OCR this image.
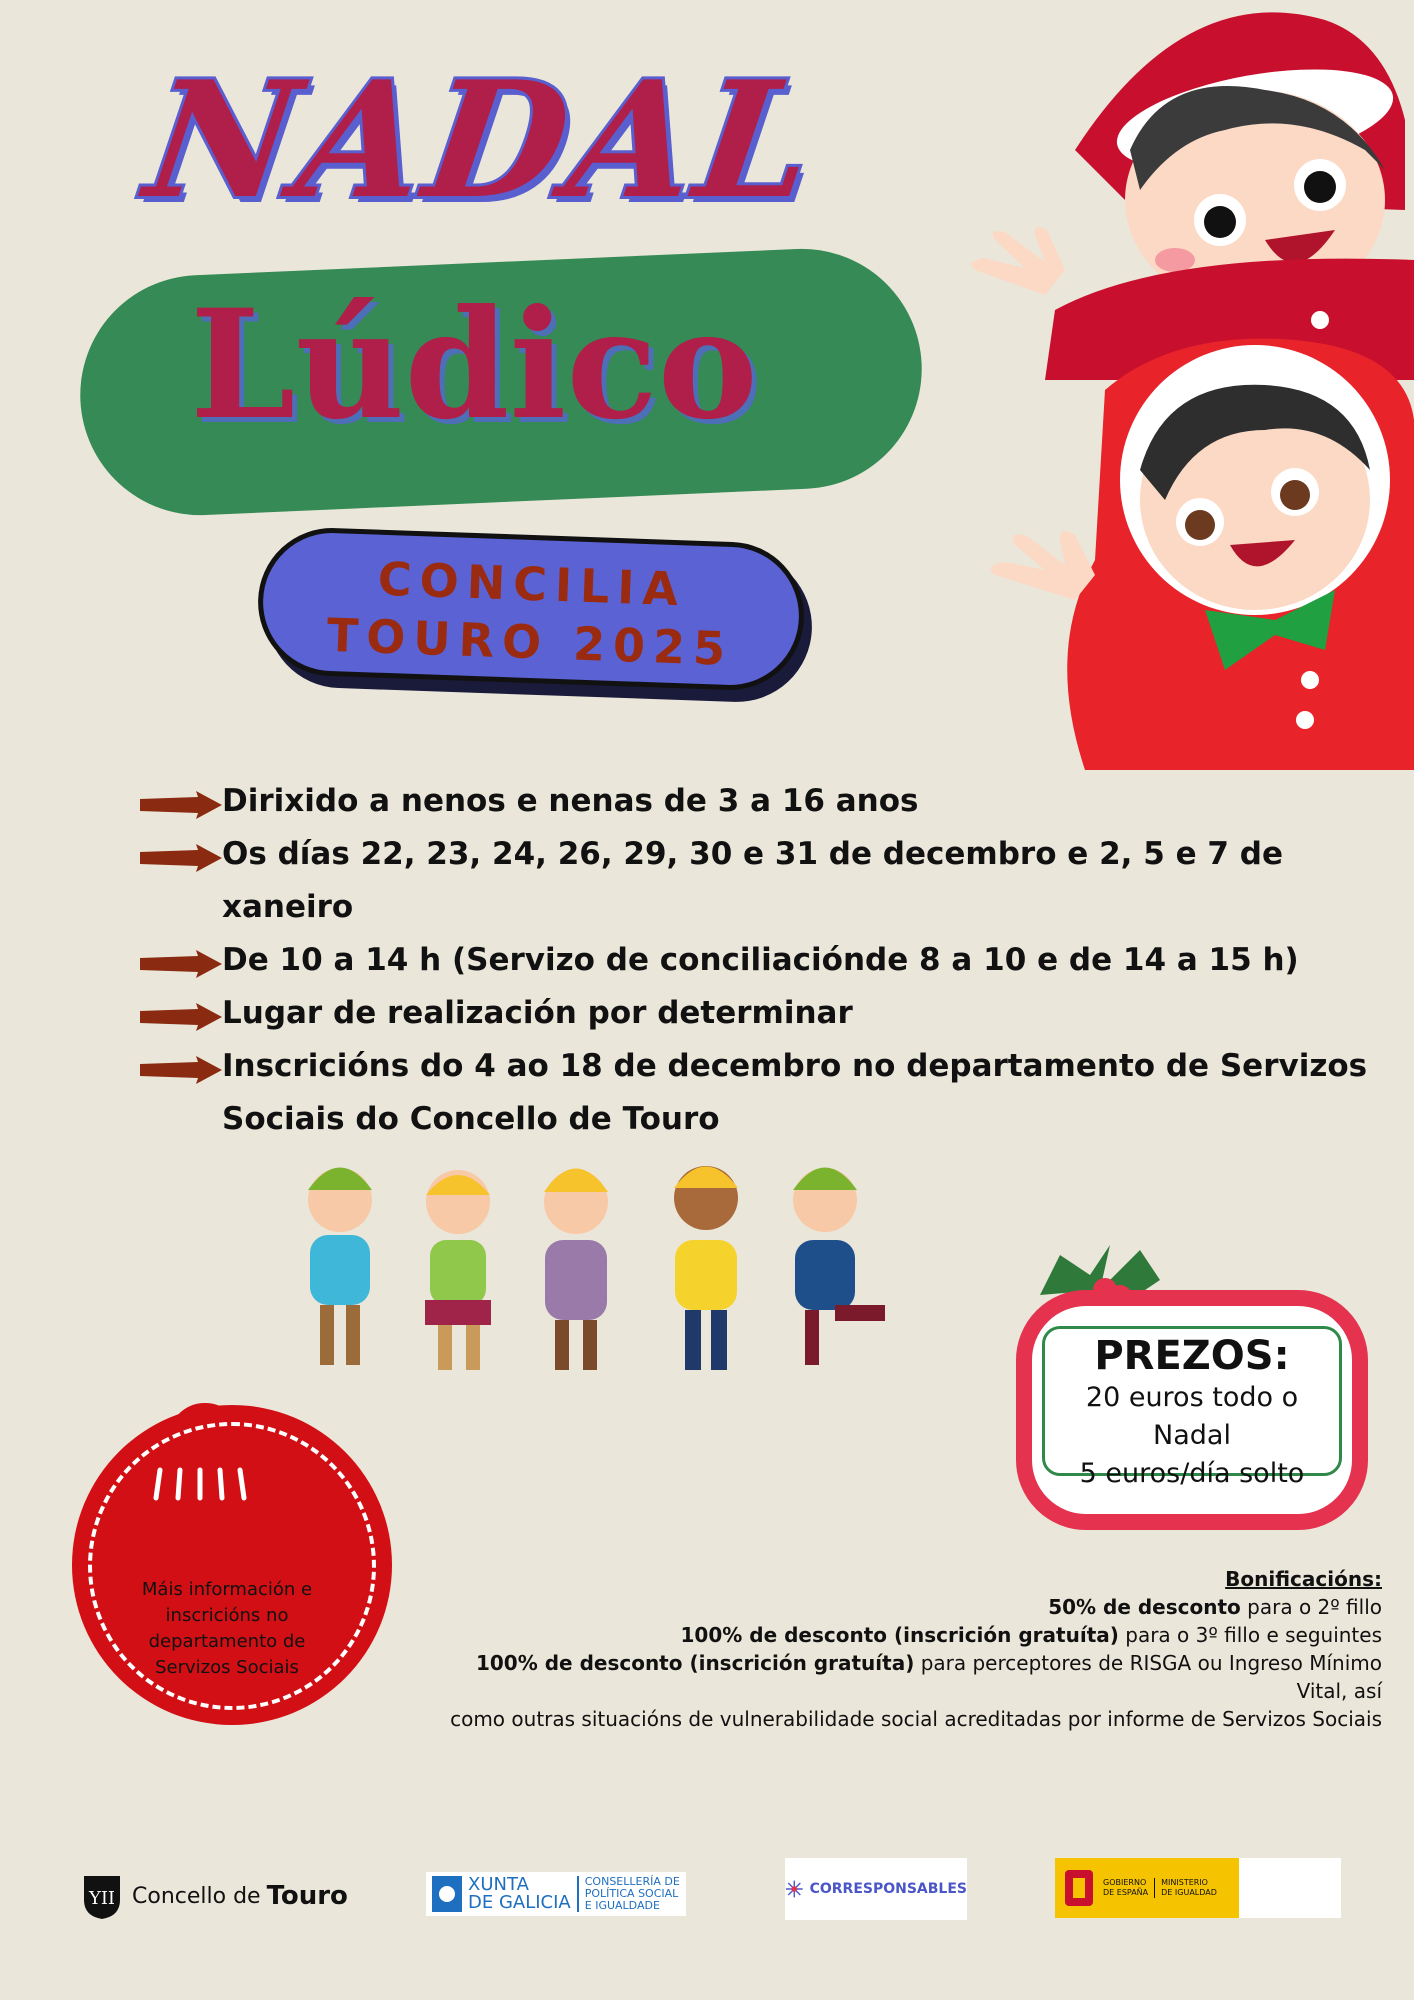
NADAL
Lúdico
CONCILIA
TOURO 2025
Dirixido a nenos e nenas de 3 a 16 anos
Os días 22, 23, 24, 26, 29, 30 e 31 de decembro e 2, 5 e 7 de xaneiro
De 10 a 14 h (Servizo de conciliaciónde 8 a 10 e de 14 a 15 h)
Lugar de realización por determinar
Inscricións do 4 ao 18 de decembro no departamento de Servizos Sociais do Concello de Touro
PREZOS:
20 euros todo o Nadal
5 euros/día solto
Máis información e inscricións no departamento de Servizos Sociais
Bonificacións:
50% de desconto para o 2º fillo
100% de desconto (inscrición gratuíta) para o 3º fillo e seguintes
100% de desconto (inscrición gratuíta) para perceptores de RISGA ou Ingreso Mínimo Vital, así
como outras situacións de vulnerabilidade social acreditadas por informe de Servizos Sociais
YII Concello de Touro	XUNTA
DE GALICIA
CONSELLERÍA DE
POLÍTICA SOCIAL
E IGUALDADE
CORRESPONSABLES	GOBIERNO
DE ESPAÑA
MINISTERIO
DE IGUALDAD
